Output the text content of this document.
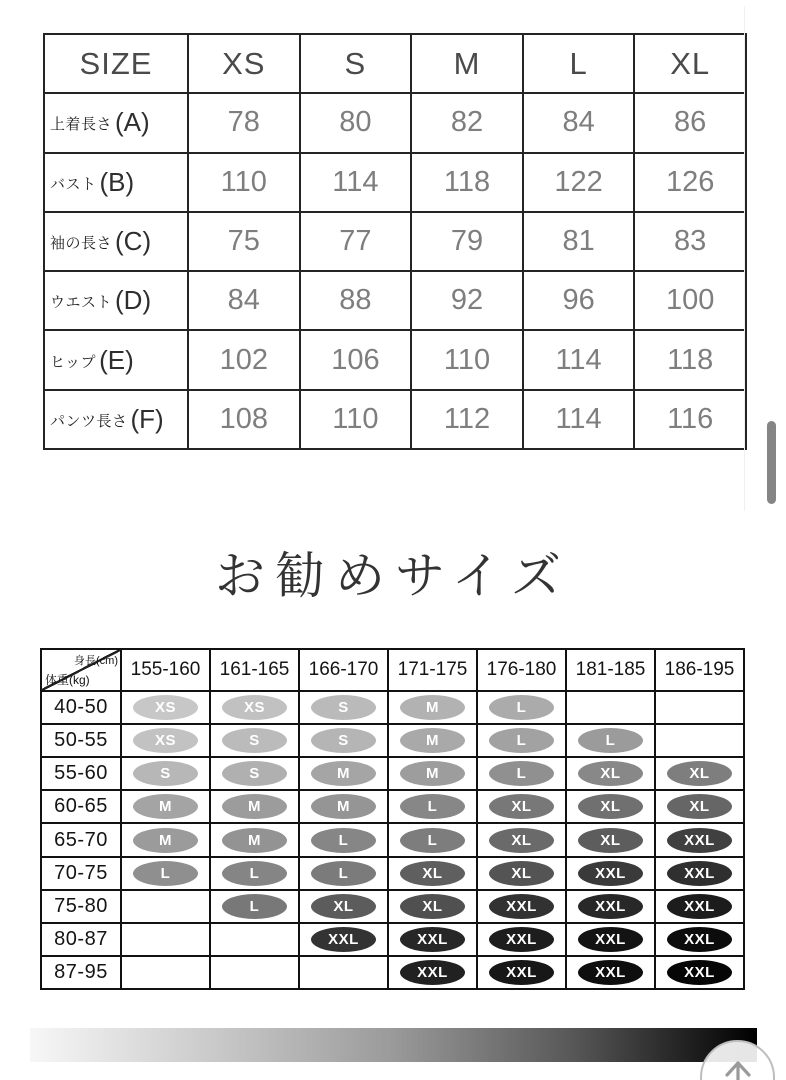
SIZE	XS	S	M	L	XL
上着長さ (A)	78	80	82	84	86
バスト (B)	110	114	118	122	126
袖の長さ (C)	75	77	79	81	83
ウエスト (D)	84	88	92	96	100
ヒップ (E)	102	106	110	114	118
パンツ長さ (F)	108	110	112	114	116
お勧めサイズ
身長(cm)
体重(kg)	155-160	161-165	166-170	171-175	176-180	181-185	186-195
40-50	XS	XS	S	M	L		
50-55	XS	S	S	M	L	L	
55-60	S	S	M	M	L	XL	XL
60-65	M	M	M	L	XL	XL	XL
65-70	M	M	L	L	XL	XL	XXL
70-75	L	L	L	XL	XL	XXL	XXL
75-80		L	XL	XL	XXL	XXL	XXL
80-87			XXL	XXL	XXL	XXL	XXL
87-95				XXL	XXL	XXL	XXL
